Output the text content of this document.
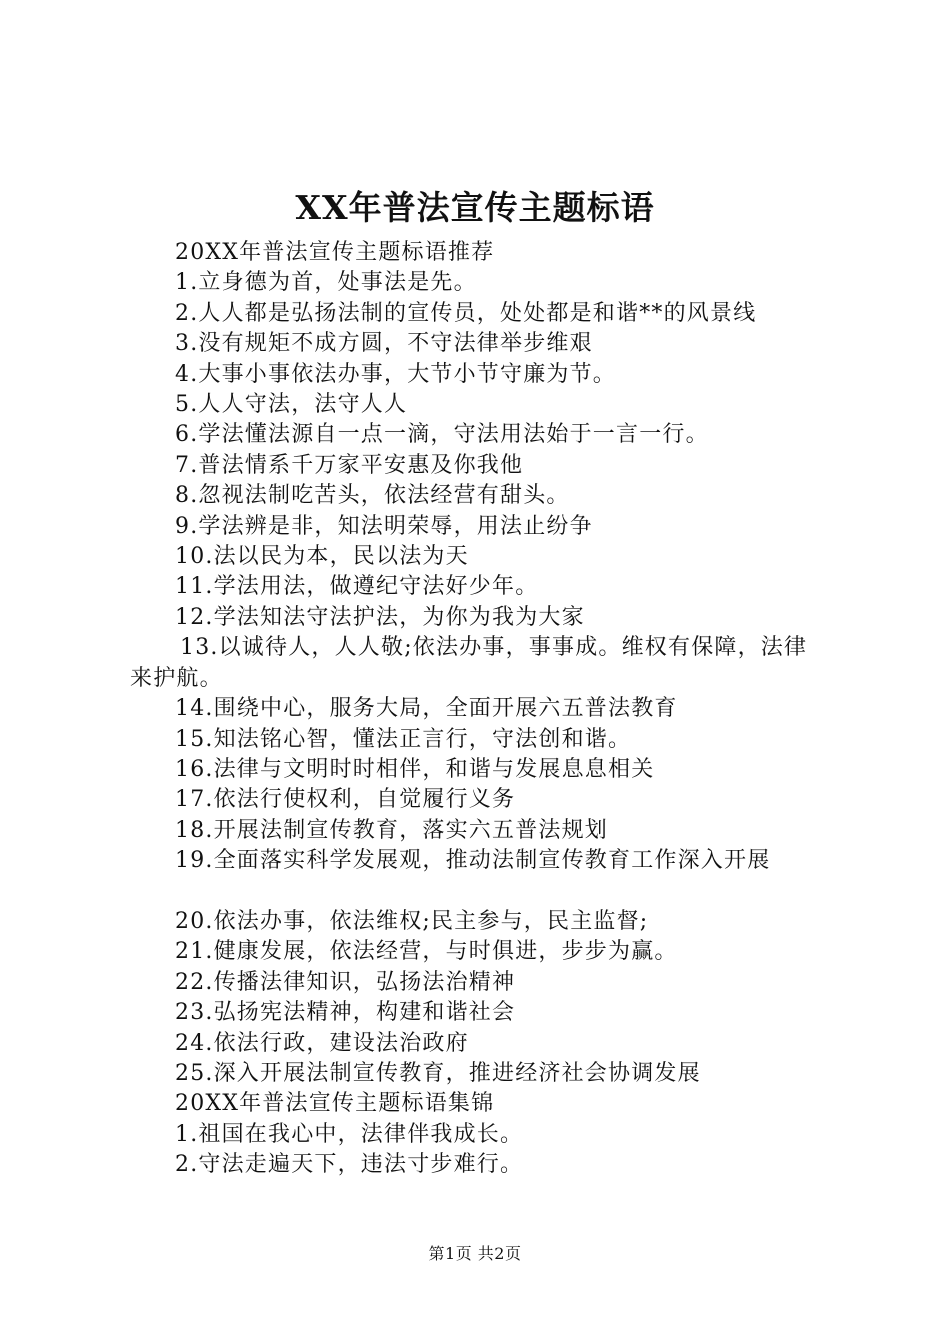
XX年普法宣传主题标语
20XX年普法宣传主题标语推荐
1.立身德为首，处事法是先。
2.人人都是弘扬法制的宣传员，处处都是和谐**的风景线
3.没有规矩不成方圆，不守法律举步维艰
4.大事小事依法办事，大节小节守廉为节。
5.人人守法，法守人人
6.学法懂法源自一点一滴，守法用法始于一言一行。
7.普法情系千万家平安惠及你我他
8.忽视法制吃苦头，依法经营有甜头。
9.学法辨是非，知法明荣辱，用法止纷争
10.法以民为本，民以法为天
11.学法用法，做遵纪守法好少年。
12.学法知法守法护法，为你为我为大家
13.以诚待人，人人敬;依法办事，事事成。维权有保障，法律来护航。
14.围绕中心，服务大局，全面开展六五普法教育
15.知法铭心智，懂法正言行，守法创和谐。
16.法律与文明时时相伴，和谐与发展息息相关
17.依法行使权利，自觉履行义务
18.开展法制宣传教育，落实六五普法规划
19.全面落实科学发展观，推动法制宣传教育工作深入开展
20.依法办事，依法维权;民主参与，民主监督;
21.健康发展，依法经营，与时俱进，步步为赢。
22.传播法律知识，弘扬法治精神
23.弘扬宪法精神，构建和谐社会
24.依法行政，建设法治政府
25.深入开展法制宣传教育，推进经济社会协调发展
20XX年普法宣传主题标语集锦
1.祖国在我心中，法律伴我成长。
2.守法走遍天下，违法寸步难行。
第1页 共2页
